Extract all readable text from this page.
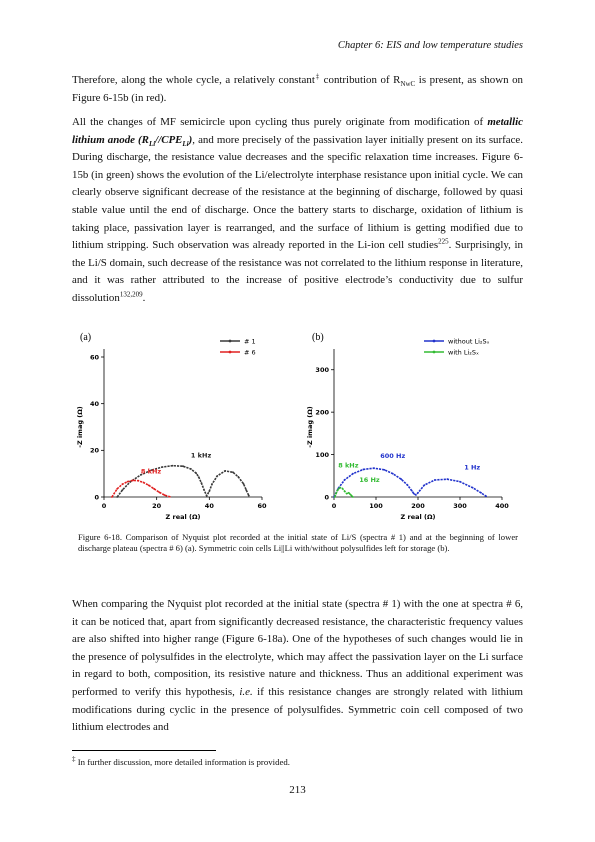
Chapter 6: EIS and low temperature studies

Therefore, along the whole cycle, a relatively constant‡ contribution of $R_{NwC}$ is present, as shown on Figure 6-15b (in red).

All the changes of MF semicircle upon cycling thus purely originate from modification of metallic lithium anode $(R_{Li}//CPE_{Li})$, and more precisely of the passivation layer initially present on its surface. During discharge, the resistance value decreases and the specific relaxation time increases. Figure 6-15b (in green) shows the evolution of the Li/electrolyte interphase resistance upon initial cycle. We can clearly observe significant decrease of the resistance at the beginning of discharge, followed by quasi stable value until the end of discharge. Once the battery starts to discharge, oxidation of lithium is taking place, passivation layer is rearranged, and the surface of lithium is getting modified due to lithium stripping. Such observation was already reported in the Li-ion cell studies$^{225}$. Surprisingly, in the Li/S domain, such decrease of the resistance was not correlated to the lithium response in literature, and it was rather attributed to the increase of positive electrode’s conductivity due to sulfur dissolution$^{132,209}$.

(a)
0	20	40	60
0
20
40
60
Z real (Ω)
-Z imag (Ω)
# 1
# 6
1 kHz
8 kHz
(b)
0	100	200	300	400
0
100
200
300
Z real (Ω)
-Z imag (Ω)
without Li₂Sₓ
with Li₂Sₓ
600 Hz
1 Hz
8 kHz
16 Hz
Figure 6-18. Comparison of Nyquist plot recorded at the initial state of Li/S (spectra # 1) and at the beginning of lower discharge plateau (spectra # 6) (a). Symmetric coin cells Li||Li with/without polysulfides left for storage (b).

When comparing the Nyquist plot recorded at the initial state (spectra # 1) with the one at spectra # 6, it can be noticed that, apart from significantly decreased resistance, the characteristic frequency values are also shifted into higher range (Figure 6-18a). One of the hypotheses of such changes would lie in the presence of polysulfides in the electrolyte, which may affect the passivation layer on the Li surface in regard to both, composition, its resistive nature and thickness. Thus an additional experiment was performed to verify this hypothesis, i.e. if this resistance changes are strongly related with lithium modifications during cyclic in the presence of polysulfides. Symmetric coin cell composed of two lithium electrodes and

‡ In further discussion, more detailed information is provided.
213
